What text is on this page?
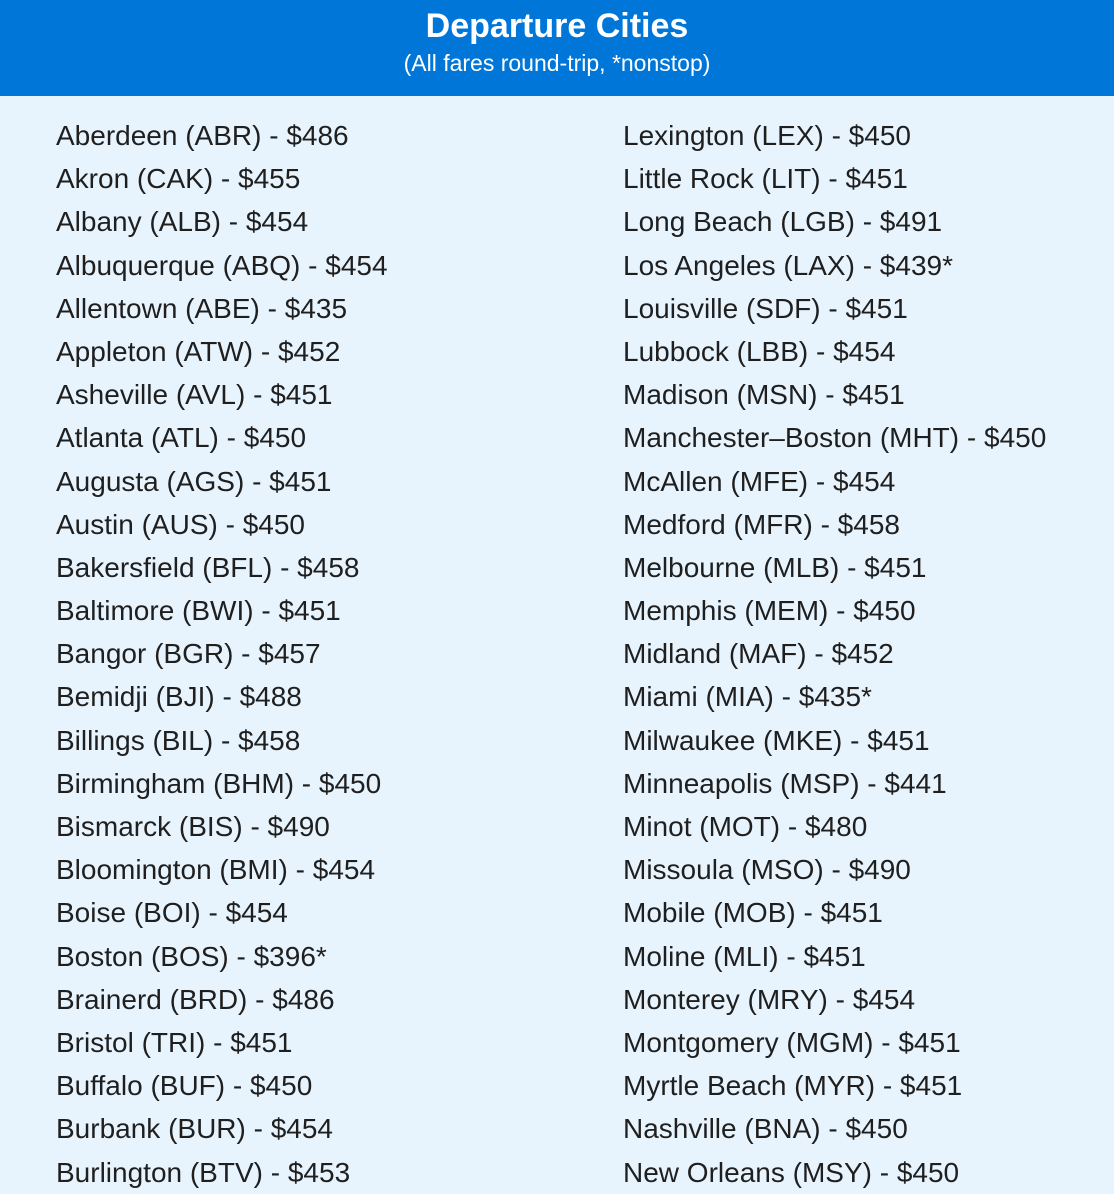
Departure Cities
(All fares round-trip, *nonstop)
Aberdeen (ABR) - $486
Akron (CAK) - $455
Albany (ALB) - $454
Albuquerque (ABQ) - $454
Allentown (ABE) - $435
Appleton (ATW) - $452
Asheville (AVL) - $451
Atlanta (ATL) - $450
Augusta (AGS) - $451
Austin (AUS) - $450
Bakersfield (BFL) - $458
Baltimore (BWI) - $451
Bangor (BGR) - $457
Bemidji (BJI) - $488
Billings (BIL) - $458
Birmingham (BHM) - $450
Bismarck (BIS) - $490
Bloomington (BMI) - $454
Boise (BOI) - $454
Boston (BOS) - $396*
Brainerd (BRD) - $486
Bristol (TRI) - $451
Buffalo (BUF) - $450
Burbank (BUR) - $454
Burlington (BTV) - $453
Lexington (LEX) - $450
Little Rock (LIT) - $451
Long Beach (LGB) - $491
Los Angeles (LAX) - $439*
Louisville (SDF) - $451
Lubbock (LBB) - $454
Madison (MSN) - $451
Manchester–Boston (MHT) - $450
McAllen (MFE) - $454
Medford (MFR) - $458
Melbourne (MLB) - $451
Memphis (MEM) - $450
Midland (MAF) - $452
Miami (MIA) - $435*
Milwaukee (MKE) - $451
Minneapolis (MSP) - $441
Minot (MOT) - $480
Missoula (MSO) - $490
Mobile (MOB) - $451
Moline (MLI) - $451
Monterey (MRY) - $454
Montgomery (MGM) - $451
Myrtle Beach (MYR) - $451
Nashville (BNA) - $450
New Orleans (MSY) - $450
